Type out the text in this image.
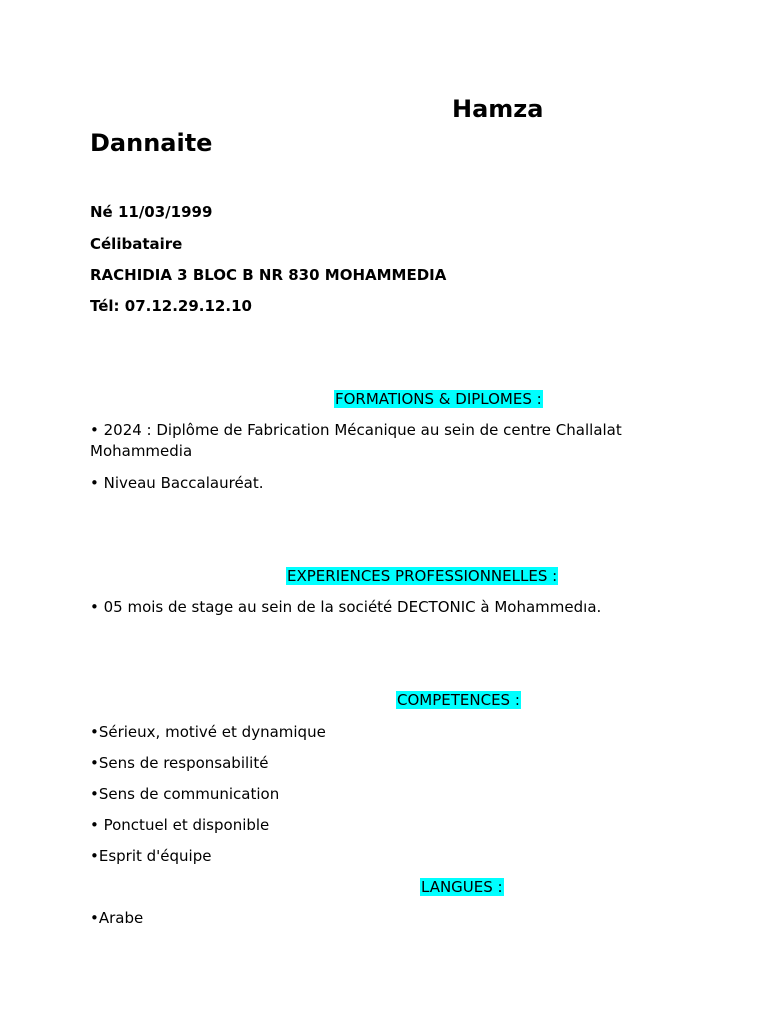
Hamza Dannaite

Né 11/03/1999

Célibataire

RACHIDIA 3 BLOC B NR 830 MOHAMMEDIA

Tél: 07.12.29.12.10

FORMATIONS & DIPLOMES :

• 2024 : Diplôme de Fabrication Mécanique au sein de centre Challalat Mohammedia

• Niveau Baccalauréat.

EXPERIENCES PROFESSIONNELLES :

• 05 mois de stage au sein de la société DECTONIC à Mohammedıa.

COMPETENCES :

•Sérieux, motivé et dynamique

•Sens de responsabilité

•Sens de communication

• Ponctuel et disponible

•Esprit d'équipe

LANGUES :

•Arabe
